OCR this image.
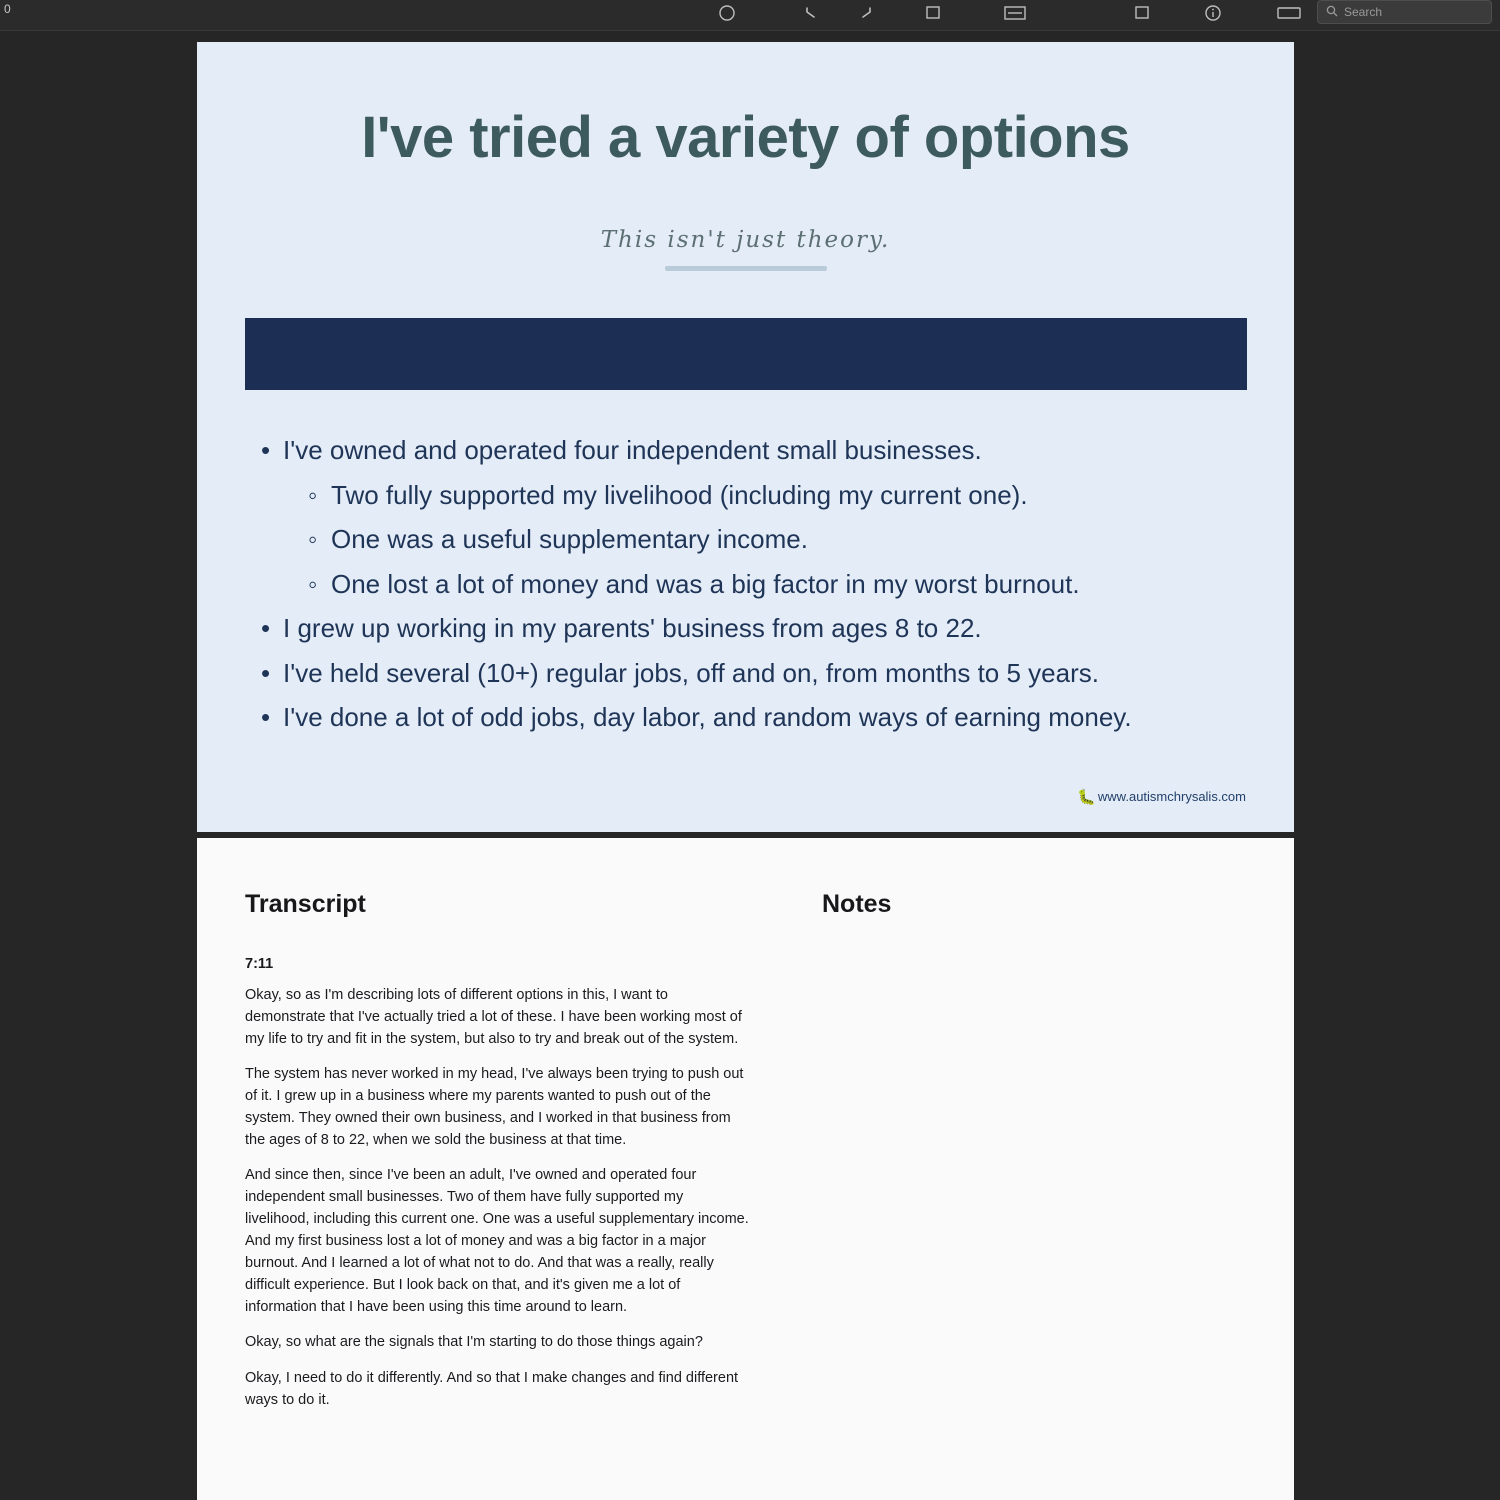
0	Search
I've tried a variety of options
This isn't just theory.
• I've owned and operated four independent small businesses.
◦ Two fully supported my livelihood (including my current one).
◦ One was a useful supplementary income.
◦ One lost a lot of money and was a big factor in my worst burnout.
• I grew up working in my parents' business from ages 8 to 22.
• I've held several (10+) regular jobs, off and on, from months to 5 years.
• I've done a lot of odd jobs, day labor, and random ways of earning money.
🐛 www.autismchrysalis.com
Transcript	Notes
7:11

Okay, so as I'm describing lots of different options in this, I want to demonstrate that I've actually tried a lot of these. I have been working most of my life to try and fit in the system, but also to try and break out of the system.

The system has never worked in my head, I've always been trying to push out of it. I grew up in a business where my parents wanted to push out of the system. They owned their own business, and I worked in that business from the ages of 8 to 22, when we sold the business at that time.

And since then, since I've been an adult, I've owned and operated four independent small businesses. Two of them have fully supported my livelihood, including this current one. One was a useful supplementary income. And my first business lost a lot of money and was a big factor in a major burnout. And I learned a lot of what not to do. And that was a really, really difficult experience. But I look back on that, and it's given me a lot of information that I have been using this time around to learn.

Okay, so what are the signals that I'm starting to do those things again?

Okay, I need to do it differently. And so that I make changes and find different ways to do it.
